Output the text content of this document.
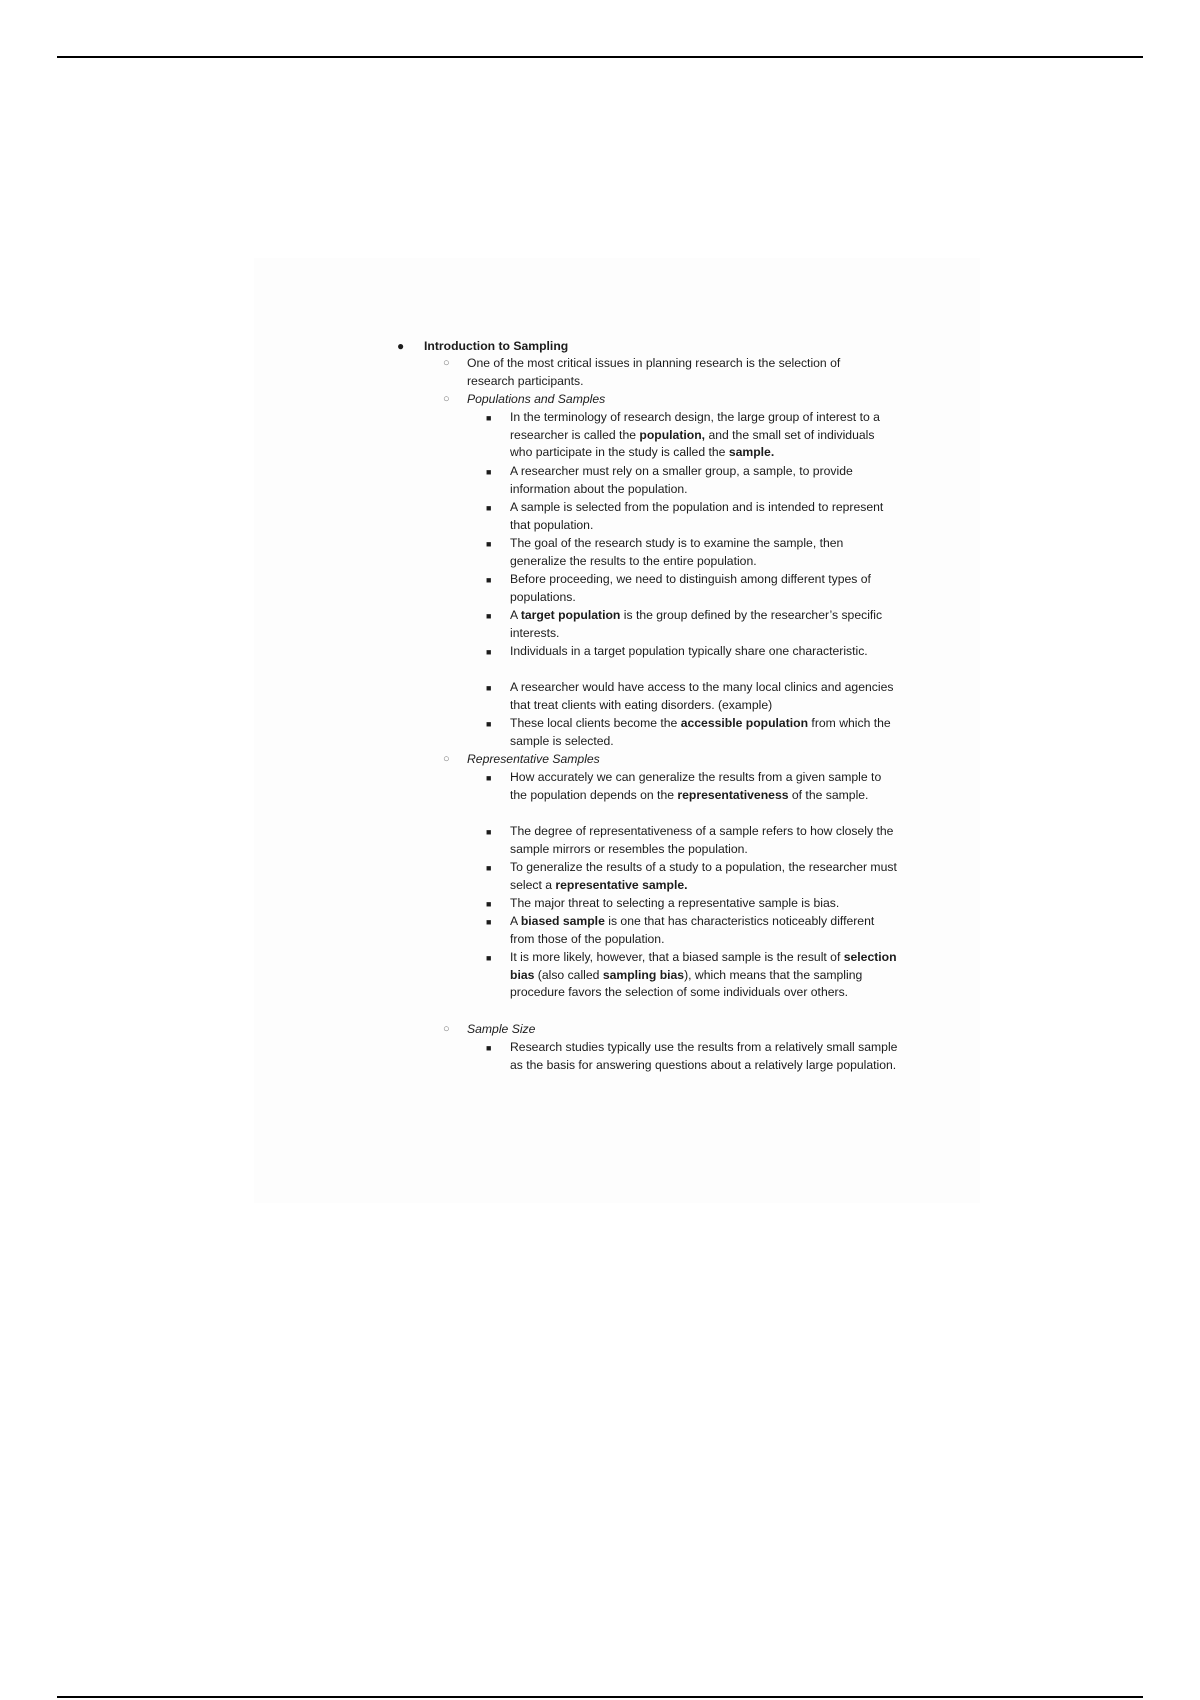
● Introduction to Sampling
○ One of the most critical issues in planning research is the selection of research participants.
○ Populations and Samples
■ In the terminology of research design, the large group of interest to a researcher is called the population, and the small set of individuals who participate in the study is called the sample.
■ A researcher must rely on a smaller group, a sample, to provide information about the population.
■ A sample is selected from the population and is intended to represent that population.
■ The goal of the research study is to examine the sample, then generalize the results to the entire population.
■ Before proceeding, we need to distinguish among different types of populations.
■ A target population is the group defined by the researcher’s specific interests.
■ Individuals in a target population typically share one characteristic.
■ A researcher would have access to the many local clinics and agencies that treat clients with eating disorders. (example)
■ These local clients become the accessible population from which the sample is selected.
○ Representative Samples
■ How accurately we can generalize the results from a given sample to the population depends on the representativeness of the sample.
■ The degree of representativeness of a sample refers to how closely the sample mirrors or resembles the population.
■ To generalize the results of a study to a population, the researcher must select a representative sample.
■ The major threat to selecting a representative sample is bias.
■ A biased sample is one that has characteristics noticeably different from those of the population.
■ It is more likely, however, that a biased sample is the result of selection bias (also called sampling bias), which means that the sampling procedure favors the selection of some individuals over others.
○ Sample Size
■ Research studies typically use the results from a relatively small sample as the basis for answering questions about a relatively large population.
